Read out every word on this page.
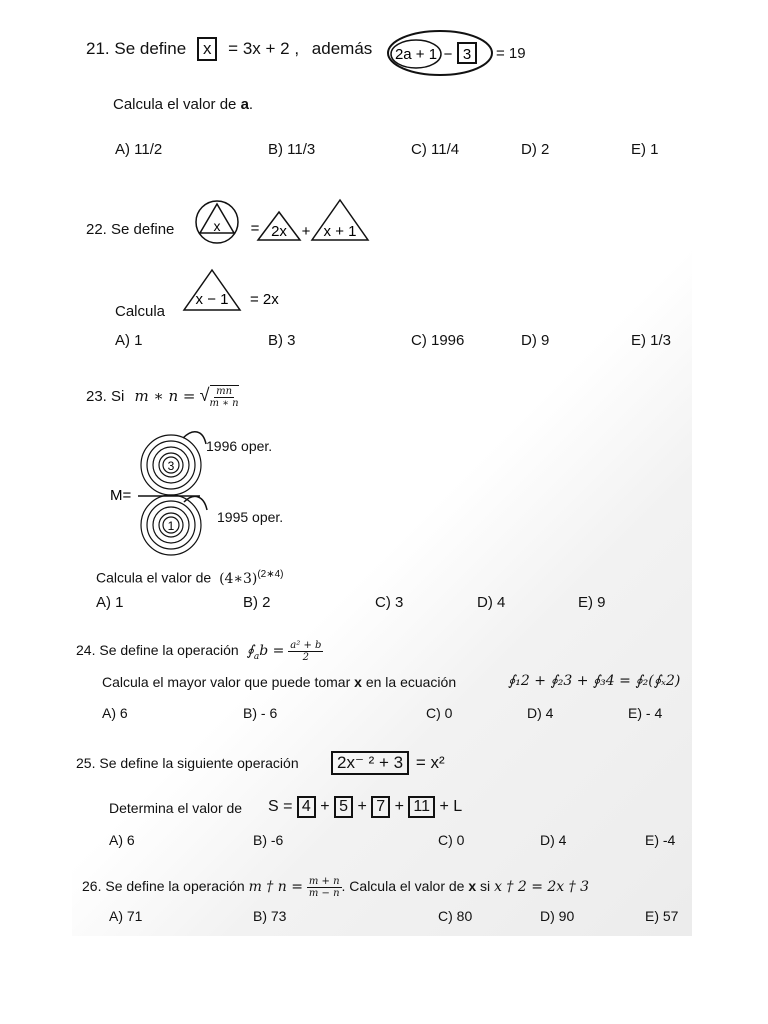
21. Se define x = 3x + 2 , además 2a + 1 − 3 = 19
Calcula el valor de a.
A) 11/2	B) 11/3	C) 11/4	D) 2	E) 1
22. Se define	x = 2x + x + 1
Calcula
x − 1 = 2x
A) 1	B) 3	C) 1996	D) 9	E) 1/3
23. Si m ∗ n = √ $\frac{mn}{m ∗ n}$
M=
3
1
1996 oper.
1995 oper.
Calcula el valor de (4∗3)$^{(2∗4)}$
A) 1	B) 2	C) 3	D) 4	E) 9
24. Se define la operación $∮_ab = \frac{\text{a² + b}}{2}$
Calcula el mayor valor que puede tomar x en la ecuación	∮₁2 + ∮₂3 + ∮₃4 = ∮₂(∮ₓ2)
A) 6	B) - 6	C) 0	D) 4	E) - 4
25. Se define la siguiente operación	2x⁻ ² + 3 = x²
Determina el valor de S = 4 + 5 + 7 + 11 + L
A) 6	B) -6	C) 0	D) 4	E) -4
26. Se define la operación m † $n = \frac{m + n}{m - n}$ . Calcula el valor de x si x † 2 = 2x † 3
A) 71	B) 73	C) 80	D) 90	E) 57
